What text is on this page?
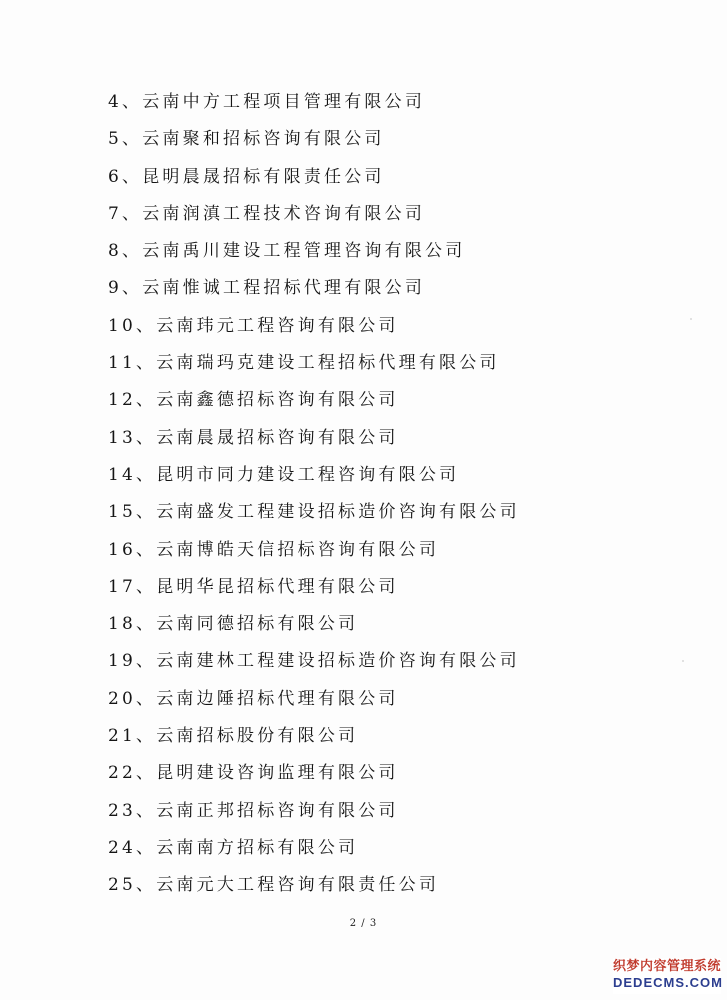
4、云南中方工程项目管理有限公司
5、云南聚和招标咨询有限公司
6、昆明晨晟招标有限责任公司
7、云南润滇工程技术咨询有限公司
8、云南禹川建设工程管理咨询有限公司
9、云南惟诚工程招标代理有限公司
10、云南玮元工程咨询有限公司
11、云南瑞玛克建设工程招标代理有限公司
12、云南鑫德招标咨询有限公司
13、云南晨晟招标咨询有限公司
14、昆明市同力建设工程咨询有限公司
15、云南盛发工程建设招标造价咨询有限公司
16、云南博皓天信招标咨询有限公司
17、昆明华昆招标代理有限公司
18、云南同德招标有限公司
19、云南建林工程建设招标造价咨询有限公司
20、云南边陲招标代理有限公司
21、云南招标股份有限公司
22、昆明建设咨询监理有限公司
23、云南正邦招标咨询有限公司
24、云南南方招标有限公司
25、云南元大工程咨询有限责任公司
2 / 3
织梦内容管理系统
DEDECMS.COM
